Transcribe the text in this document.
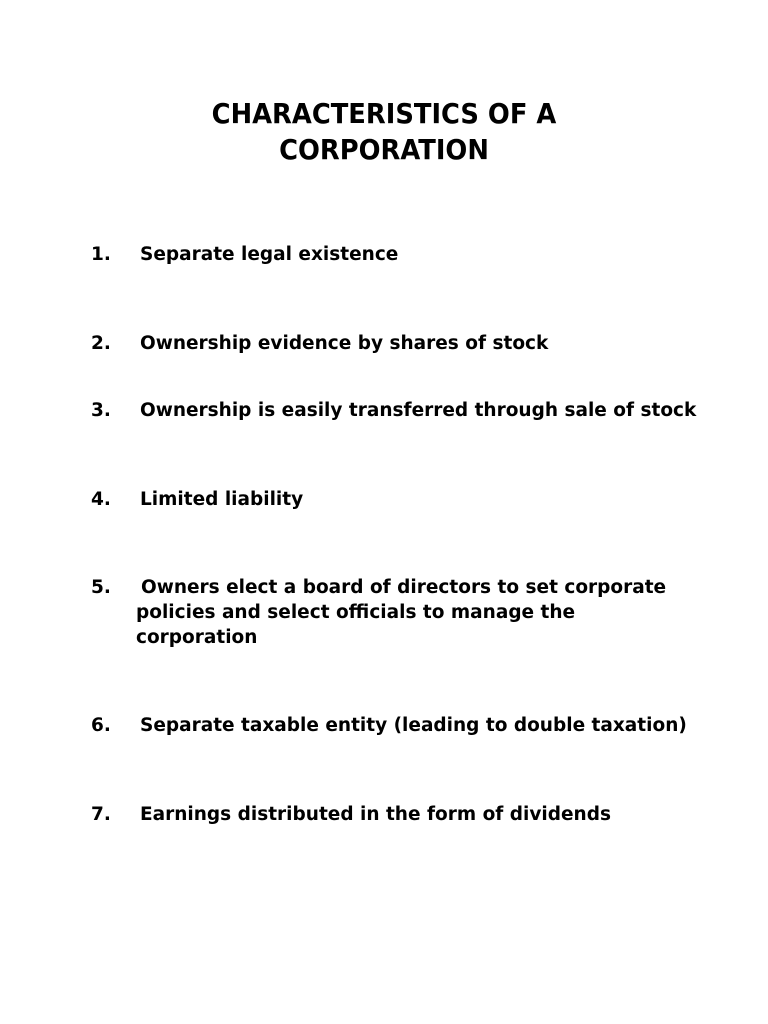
CHARACTERISTICS OF A
CORPORATION
1. Separate legal existence
2. Ownership evidence by shares of stock
3. Ownership is easily transferred through sale of stock
4. Limited liability
5. Owners elect a board of directors to set corporate
policies and select officials to manage the
corporation
6. Separate taxable entity (leading to double taxation)
7. Earnings distributed in the form of dividends
